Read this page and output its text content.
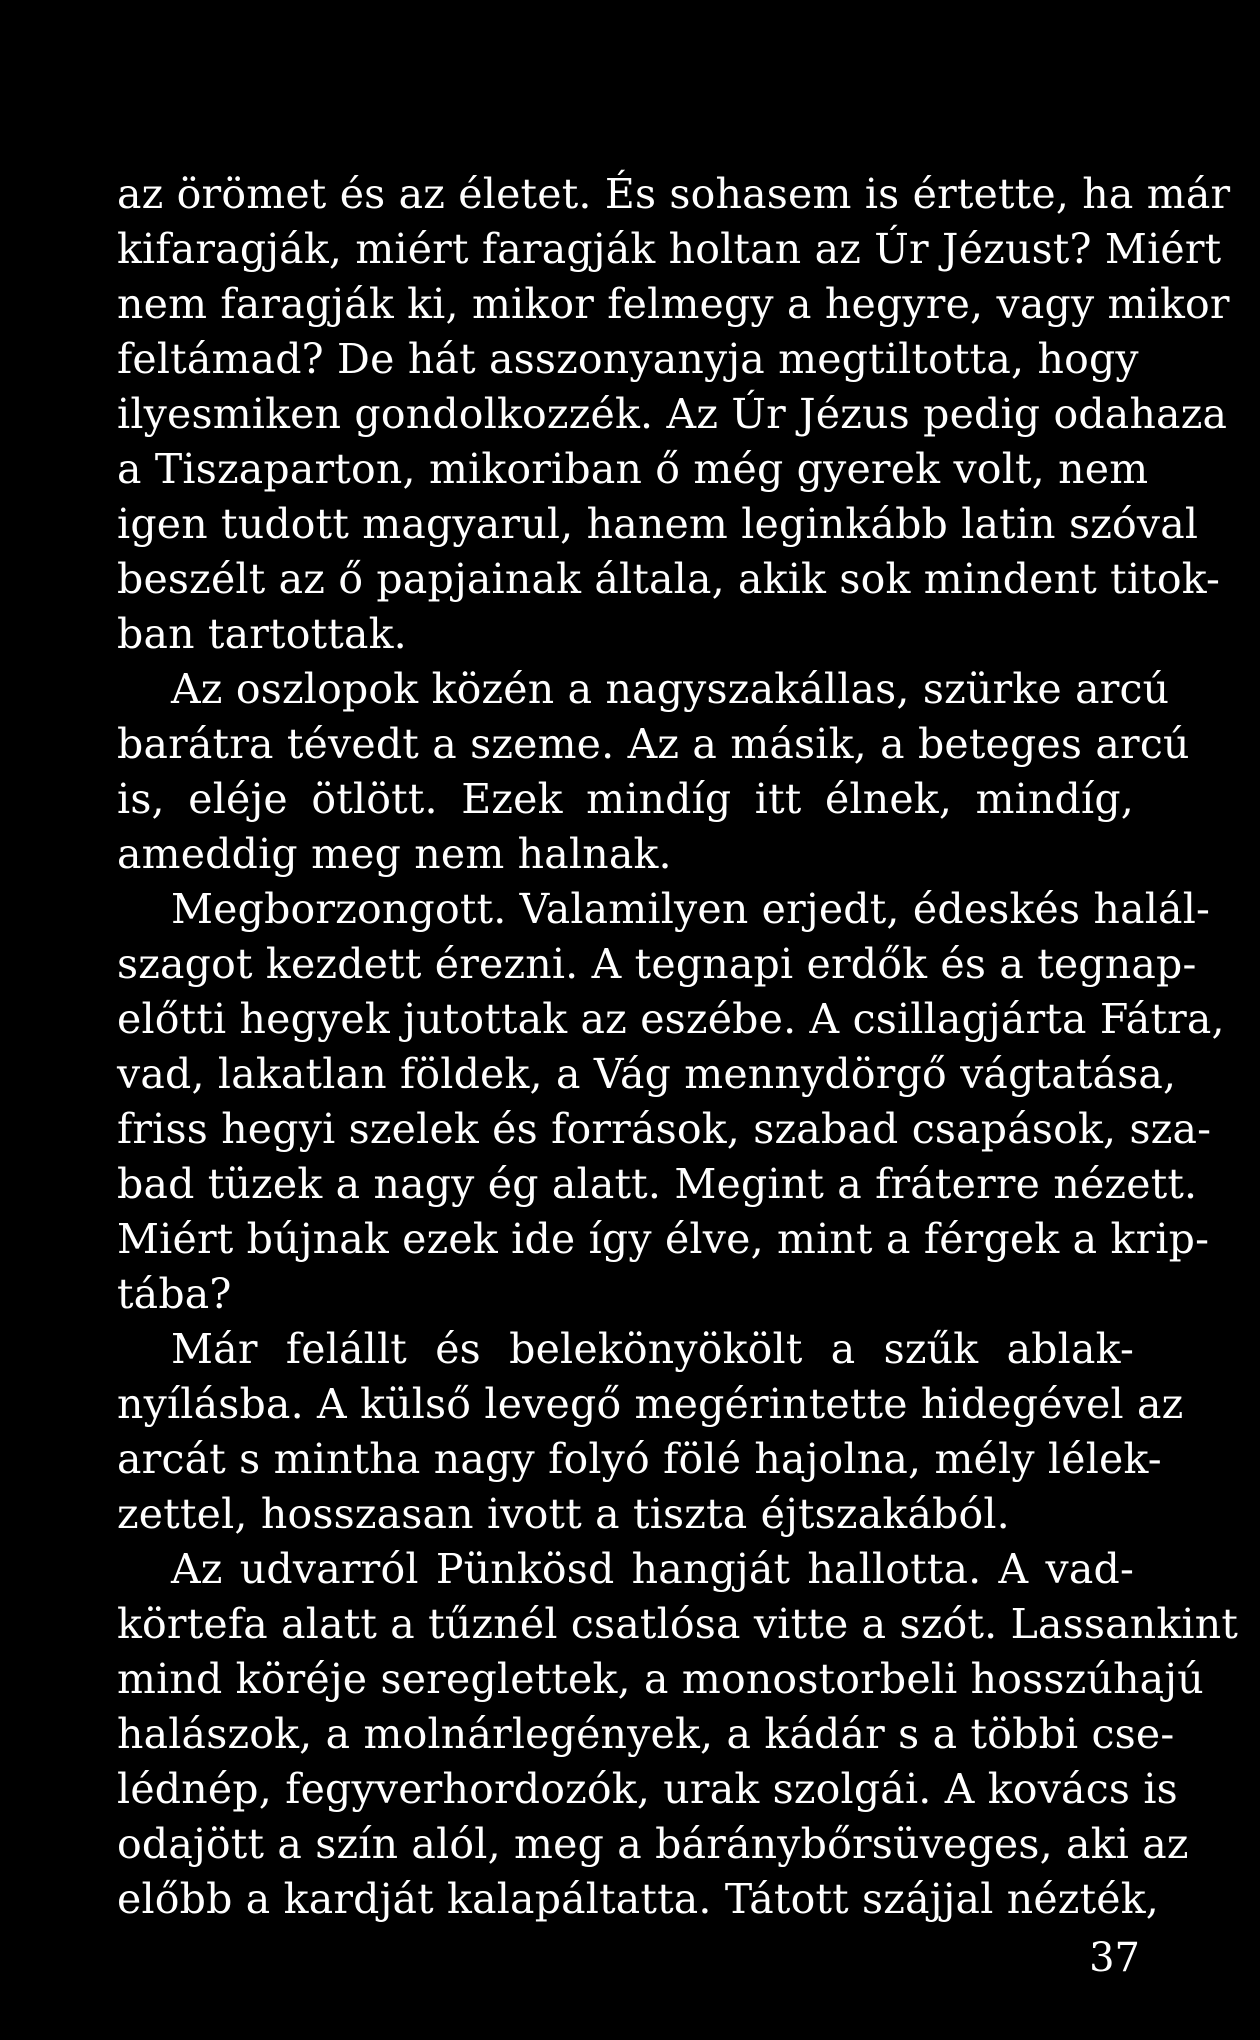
az örömet és az életet. És sohasem is értette, ha már
kifaragják, miért faragják holtan az Úr Jézust? Miért
nem faragják ki, mikor felmegy a hegyre, vagy mikor
feltámad? De hát asszonyanyja megtiltotta, hogy
ilyesmiken gondolkozzék. Az Úr Jézus pedig odahaza
a Tiszaparton, mikoriban ő még gyerek volt, nem
igen tudott magyarul, hanem leginkább latin szóval
beszélt az ő papjainak általa, akik sok mindent titok-
ban tartottak.
Az oszlopok közén a nagyszakállas, szürke arcú
barátra tévedt a szeme. Az a másik, a beteges arcú
is, eléje ötlött. Ezek mindíg itt élnek, mindíg,
ameddig meg nem halnak.
Megborzongott. Valamilyen erjedt, édeskés halál-
szagot kezdett érezni. A tegnapi erdők és a tegnap-
előtti hegyek jutottak az eszébe. A csillagjárta Fátra,
vad, lakatlan földek, a Vág mennydörgő vágtatása,
friss hegyi szelek és források, szabad csapások, sza-
bad tüzek a nagy ég alatt. Megint a fráterre nézett.
Miért bújnak ezek ide így élve, mint a férgek a krip-
tába?
Már felállt és belekönyökölt a szűk ablak-
nyílásba. A külső levegő megérintette hidegével az
arcát s mintha nagy folyó fölé hajolna, mély lélek-
zettel, hosszasan ivott a tiszta éjtszakából.
Az udvarról Pünkösd hangját hallotta. A vad-
körtefa alatt a tűznél csatlósa vitte a szót. Lassankint
mind köréje sereglettek, a monostorbeli hosszúhajú
halászok, a molnárlegények, a kádár s a többi cse-
lédnép, fegyverhordozók, urak szolgái. A kovács is
odajött a szín alól, meg a báránybőrsüveges, aki az
előbb a kardját kalapáltatta. Tátott szájjal nézték,
37
